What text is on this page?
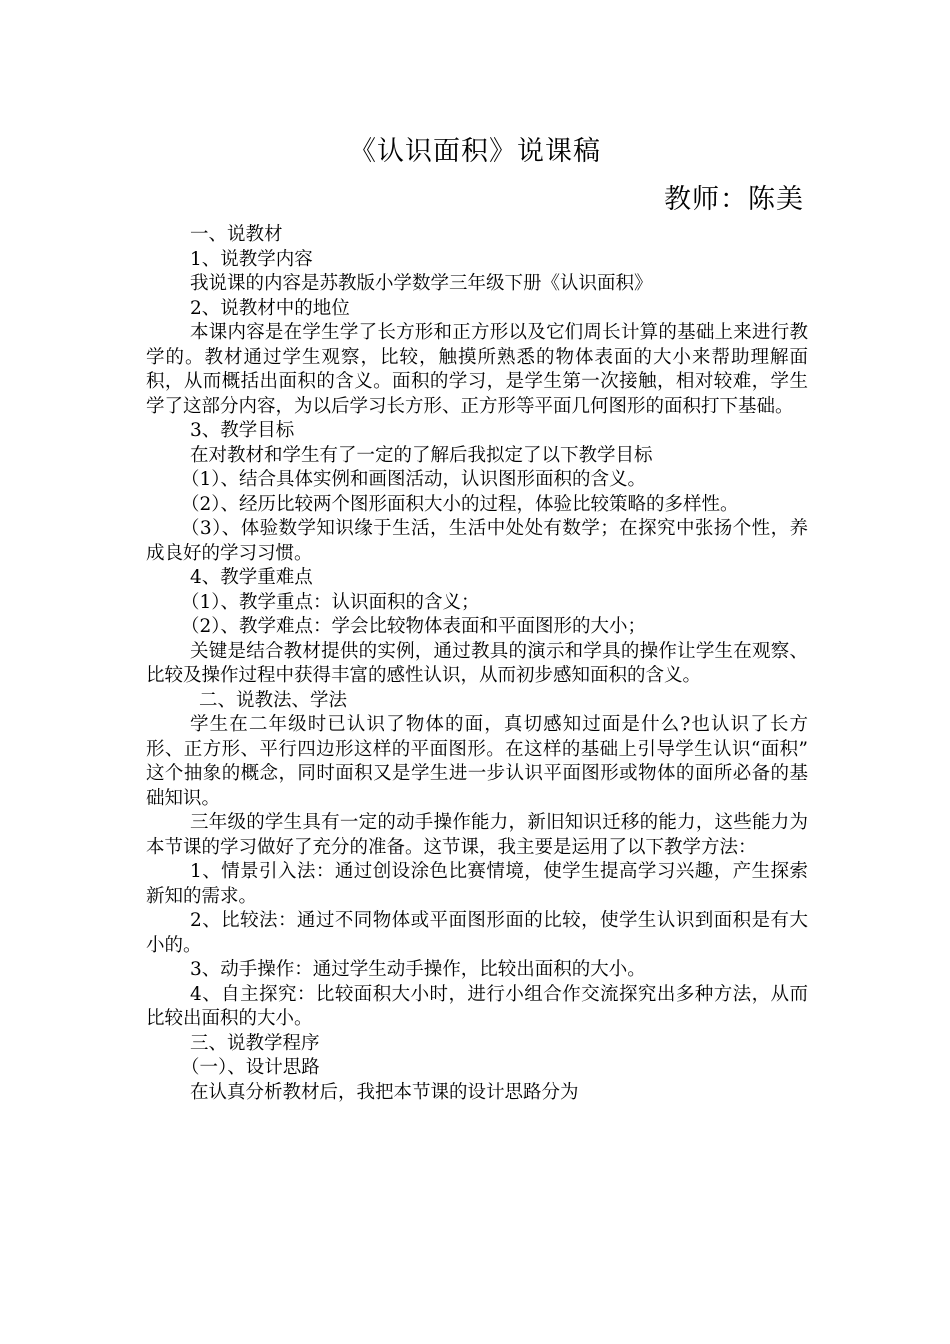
《认识面积》说课稿
教师：陈美

一、说教材

1、说教学内容

我说课的内容是苏教版小学数学三年级下册《认识面积》

2、说教材中的地位

本课内容是在学生学了长方形和正方形以及它们周长计算的基础上来进行教学的。教材通过学生观察，比较，触摸所熟悉的物体表面的大小来帮助理解面积，从而概括出面积的含义。面积的学习，是学生第一次接触，相对较难，学生学了这部分内容，为以后学习长方形、正方形等平面几何图形的面积打下基础。

3、教学目标

在对教材和学生有了一定的了解后我拟定了以下教学目标

（1）、结合具体实例和画图活动，认识图形面积的含义。

（2）、经历比较两个图形面积大小的过程，体验比较策略的多样性。

（3）、体验数学知识缘于生活，生活中处处有数学；在探究中张扬个性，养成良好的学习习惯。

4、教学重难点

（1）、教学重点：认识面积的含义；

（2）、教学难点：学会比较物体表面和平面图形的大小；

关键是结合教材提供的实例，通过教具的演示和学具的操作让学生在观察、比较及操作过程中获得丰富的感性认识，从而初步感知面积的含义。

二、说教法、学法

学生在二年级时已认识了物体的面，真切感知过面是什么?也认识了长方形、正方形、平行四边形这样的平面图形。在这样的基础上引导学生认识“面积” 这个抽象的概念，同时面积又是学生进一步认识平面图形或物体的面所必备的基础知识。

三年级的学生具有一定的动手操作能力，新旧知识迁移的能力，这些能力为本节课的学习做好了充分的准备。这节课，我主要是运用了以下教学方法：

1、情景引入法：通过创设涂色比赛情境，使学生提高学习兴趣，产生探索新知的需求。

2、比较法：通过不同物体或平面图形面的比较，使学生认识到面积是有大小的。

3、动手操作：通过学生动手操作，比较出面积的大小。

4、自主探究：比较面积大小时，进行小组合作交流探究出多种方法，从而比较出面积的大小。

三、说教学程序

（一）、设计思路

在认真分析教材后，我把本节课的设计思路分为
